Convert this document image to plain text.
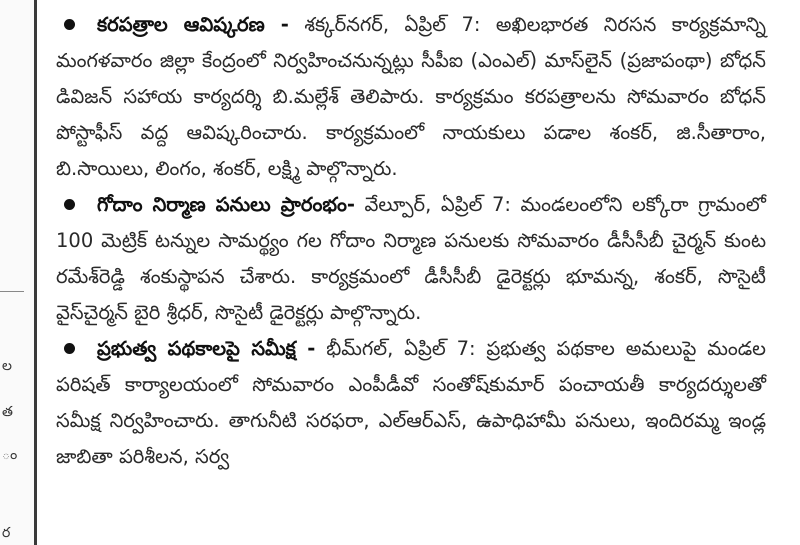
ల
త
ం
ర

కరపత్రాల ఆవిష్కరణ - శక్కర్‌నగర్‌, ఏప్రిల్‌ 7: అఖిలభారత నిరసన కార్యక్రమాన్ని మంగళవారం జిల్లా కేంద్రంలో నిర్వహించనున్నట్లు సీపీఐ (ఎంఎల్‌) మాస్‌లైన్‌ (ప్రజాపంథా) బోధన్‌ డివిజన్‌ సహాయ కార్యదర్శి బి.మల్లేశ్‌ తెలిపారు. కార్యక్రమం కరపత్రాలను సోమవారం బోధన్‌ పోస్టాఫీస్‌ వద్ద ఆవిష్కరించారు. కార్యక్రమంలో నాయకులు పడాల శంకర్‌, జి.సీతారాం, బి.సాయిలు, లింగం, శంకర్‌, లక్ష్మి పాల్గొన్నారు.

గోదాం నిర్మాణ పనులు ప్రారంభం- వేల్పూర్‌, ఏప్రిల్‌ 7: మండలంలోని లక్కోరా గ్రామంలో 100 మెట్రిక్‌ టన్నుల సామర్థ్యం గల గోదాం నిర్మాణ పనులకు సోమవారం డీసీసీబీ చైర్మన్‌ కుంట రమేశ్‌రెడ్డి శంకుస్థాపన చేశారు. కార్యక్రమంలో డీసీసీబీ డైరెక్టర్లు భూమన్న, శంకర్‌, సొసైటీ వైస్‌చైర్మన్‌ బైరి శ్రీధర్‌, సొసైటీ డైరెక్టర్లు పాల్గొన్నారు.

ప్రభుత్వ పథకాలపై సమీక్ష - భీమ్‌గల్‌, ఏప్రిల్‌ 7: ప్రభుత్వ పథకాల అమలుపై మండల పరిషత్‌ కార్యాలయంలో సోమవారం ఎంపీడీవో సంతోష్‌కుమార్‌ పంచాయతీ కార్యదర్శులతో సమీక్ష నిర్వహించారు. తాగునీటి సరఫరా, ఎల్‌ఆర్‌ఎస్‌, ఉపాధిహామీ పనులు, ఇందిరమ్మ ఇండ్ల జాబితా పరిశీలన, సర్వ
